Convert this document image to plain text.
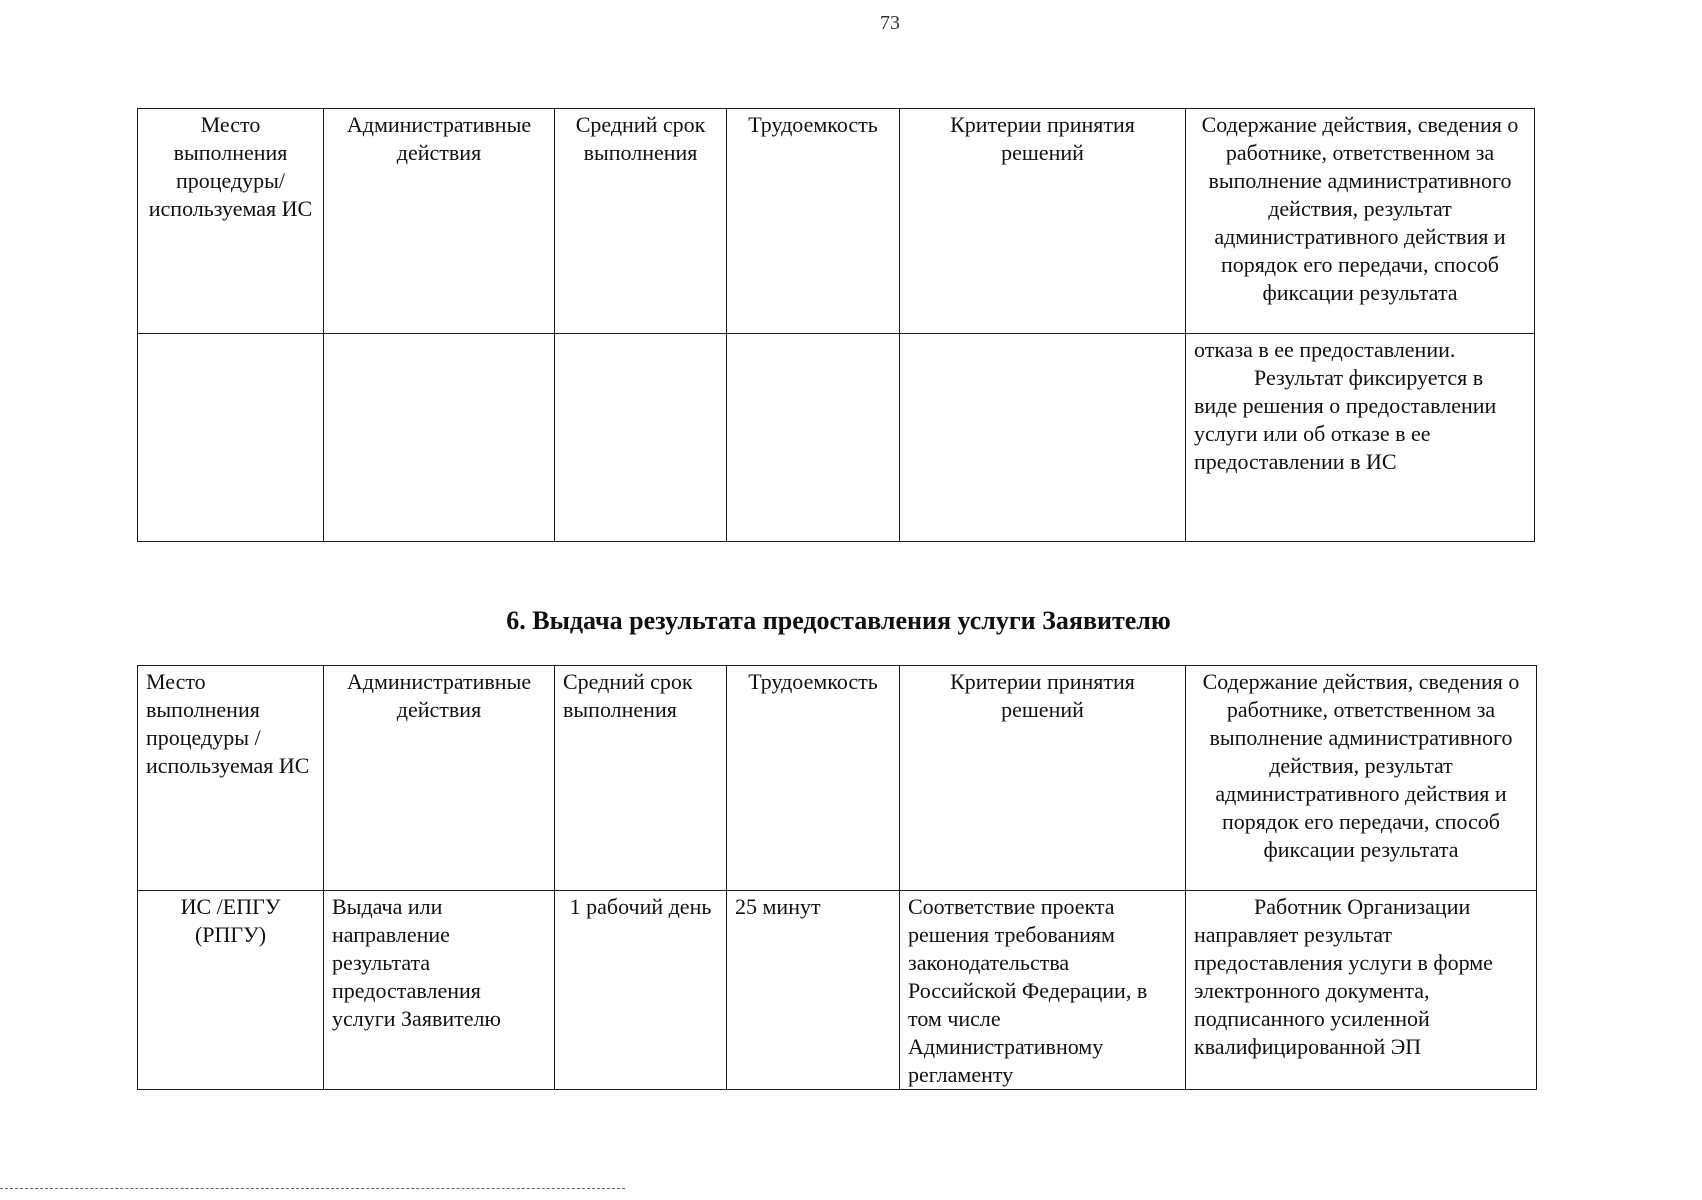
73
Место выполнения процедуры/ используемая ИС	Административные действия	Средний срок выполнения	Трудоемкость	Критерии принятия решений	Содержание действия, сведения о работнике, ответственном за выполнение административного действия, результат административного действия и порядок его передачи, способ фиксации результата

					отказа в ее предоставлении.

Результат фиксируется в виде решения о предоставлении услуги или об отказе в ее предоставлении в ИС

6. Выдача результата предоставления услуги Заявителю
Место выполнения процедуры /используемая ИС	Административные действия	Средний срок выполнения	Трудоемкость	Критерии принятия решений	Содержание действия, сведения о работнике, ответственном за выполнение административного действия, результат административного действия и порядок его передачи, способ фиксации результата
ИС /ЕПГУ (РПГУ)	Выдача или направление результата предоставления услуги Заявителю	1 рабочий день	25 минут	Соответствие проекта решения требованиям законодательства Российской Федерации, в том числе Административному регламенту	Работник Организации направляет результат предоставления услуги в форме электронного документа, подписанного усиленной квалифицированной ЭП
